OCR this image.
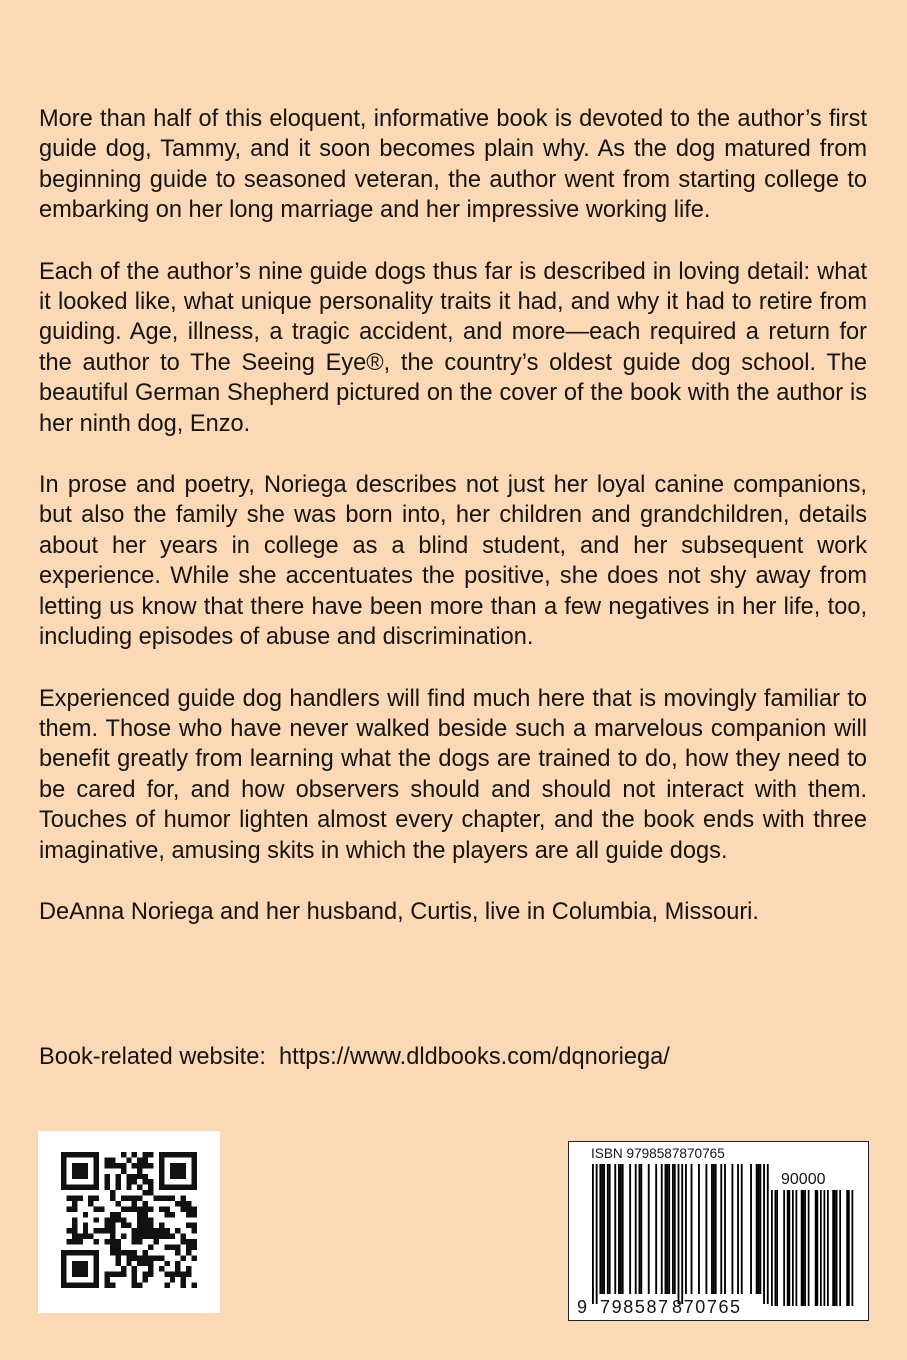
More than half of this eloquent, informative book is devoted to the author’s first guide dog, Tammy, and it soon becomes plain why. As the dog matured from beginning guide to seasoned veteran, the author went from starting college to embarking on her long marriage and her impressive working life.

Each of the author’s nine guide dogs thus far is described in loving detail: what it looked like, what unique personality traits it had, and why it had to retire from guiding. Age, illness, a tragic accident, and more—each required a return for the author to The Seeing Eye®, the country’s oldest guide dog school. The beautiful German Shepherd pictured on the cover of the book with the author is her ninth dog, Enzo.

In prose and poetry, Noriega describes not just her loyal canine companions, but also the family she was born into, her children and grandchildren, details about her years in college as a blind student, and her subsequent work experience. While she accentuates the positive, she does not shy away from letting us know that there have been more than a few negatives in her life, too, including episodes of abuse and discrimination.

Experienced guide dog handlers will find much here that is movingly familiar to them. Those who have never walked beside such a marvelous companion will benefit greatly from learning what the dogs are trained to do, how they need to be cared for, and how observers should and should not interact with them. Touches of humor lighten almost every chapter, and the book ends with three imaginative, amusing skits in which the players are all guide dogs.

DeAnna Noriega and her husband, Curtis, live in Columbia, Missouri.

Book-related website: https://www.dldbooks.com/dqnoriega/
ISBN 9798587870765
90000
9 798587 870765
